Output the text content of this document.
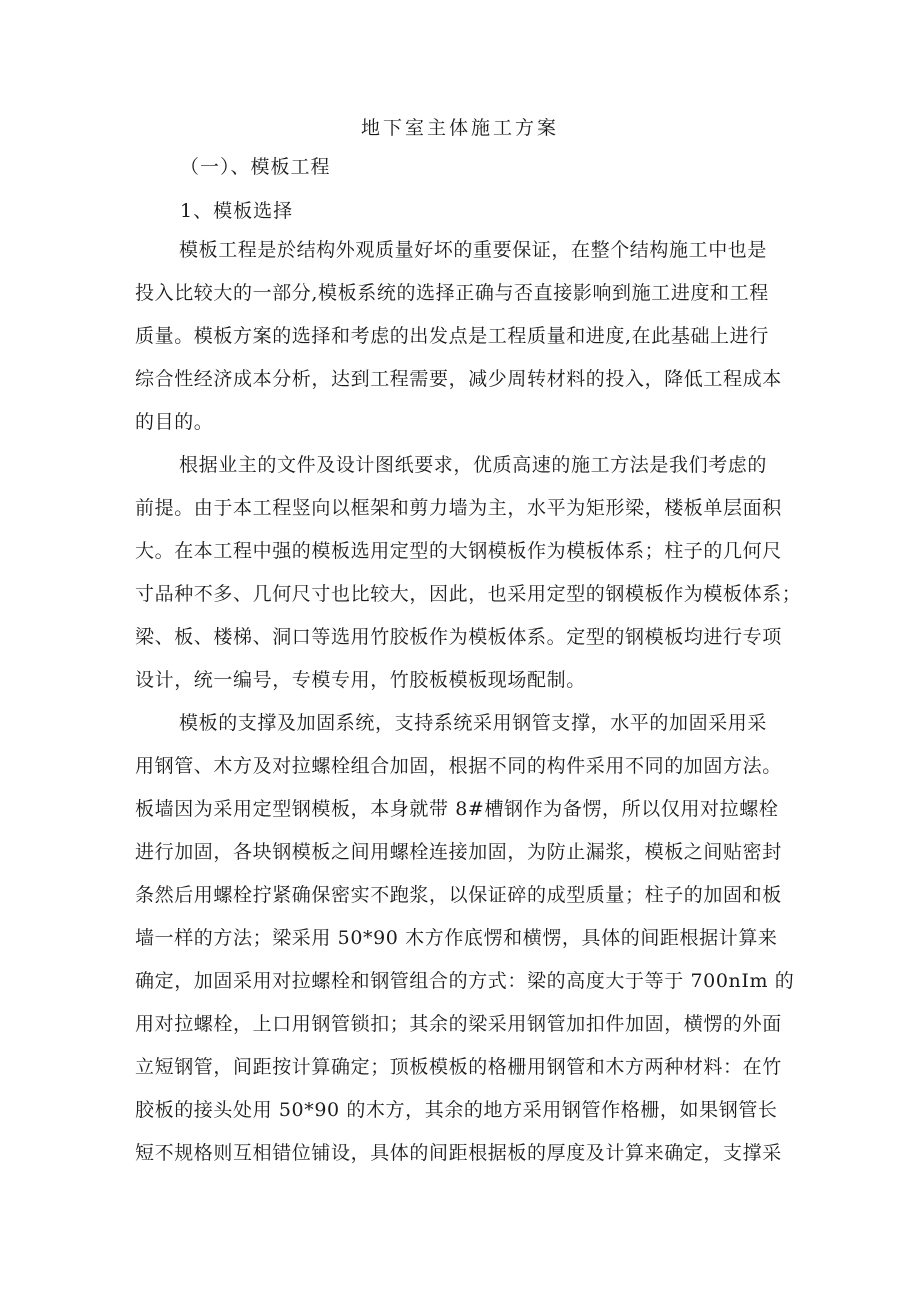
地下室主体施工方案
（一）、模板工程
1、模板选择
模板工程是於结构外观质量好坏的重要保证，在整个结构施工中也是
投入比较大的一部分,模板系统的选择正确与否直接影响到施工进度和工程
质量。模板方案的选择和考虑的出发点是工程质量和进度,在此基础上进行
综合性经济成本分析，达到工程需要，减少周转材料的投入，降低工程成本
的目的。
根据业主的文件及设计图纸要求，优质高速的施工方法是我们考虑的
前提。由于本工程竖向以框架和剪力墙为主，水平为矩形梁，楼板单层面积
大。在本工程中强的模板选用定型的大钢模板作为模板体系；柱子的几何尺
寸品种不多、几何尺寸也比较大，因此，也采用定型的钢模板作为模板体系；
梁、板、楼梯、洞口等选用竹胶板作为模板体系。定型的钢模板均进行专项
设计，统一编号，专模专用，竹胶板模板现场配制。
模板的支撑及加固系统，支持系统采用钢管支撑，水平的加固采用采
用钢管、木方及对拉螺栓组合加固，根据不同的构件采用不同的加固方法。
板墙因为采用定型钢模板，本身就带 8#槽钢作为备愣，所以仅用对拉螺栓
进行加固，各块钢模板之间用螺栓连接加固，为防止漏浆，模板之间贴密封
条然后用螺栓拧紧确保密实不跑浆，以保证碎的成型质量；柱子的加固和板
墙一样的方法；梁采用 50*90 木方作底愣和横愣，具体的间距根据计算来
确定，加固采用对拉螺栓和钢管组合的方式：梁的高度大于等于 700nIm 的
用对拉螺栓，上口用钢管锁扣；其余的梁采用钢管加扣件加固，横愣的外面
立短钢管，间距按计算确定；顶板模板的格栅用钢管和木方两种材料：在竹
胶板的接头处用 50*90 的木方，其余的地方采用钢管作格栅，如果钢管长
短不规格则互相错位铺设，具体的间距根据板的厚度及计算来确定，支撑采
